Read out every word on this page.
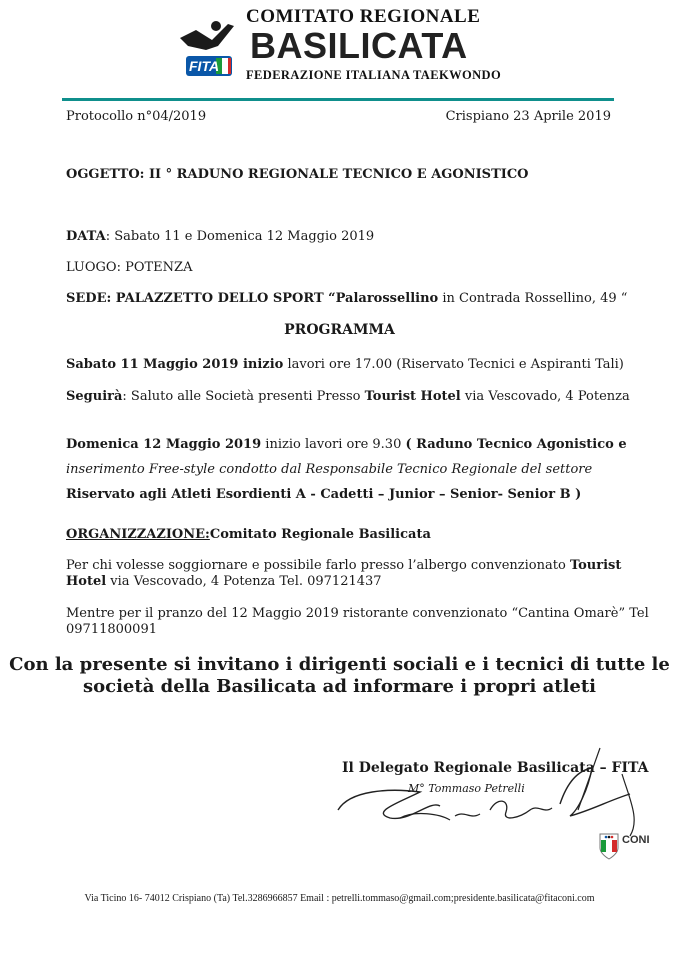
FITA
COMITATO REGIONALE
BASILICATA
FEDERAZIONE ITALIANA TAEKWONDO
Protocollo n°04/2019	Crispiano 23 Aprile 2019
OGGETTO: II ° RADUNO REGIONALE TECNICO E AGONISTICO
DATA: Sabato 11 e Domenica 12 Maggio 2019
LUOGO: POTENZA
SEDE: PALAZZETTO DELLO SPORT “Palarossellino in Contrada Rossellino, 49 “
PROGRAMMA
Sabato 11 Maggio 2019 inizio lavori ore 17.00 (Riservato Tecnici e Aspiranti Tali)
Seguirà: Saluto alle Società presenti Presso Tourist Hotel via Vescovado, 4 Potenza
Domenica 12 Maggio 2019 inizio lavori ore 9.30 ( Raduno Tecnico Agonistico e
inserimento Free-style condotto dal Responsabile Tecnico Regionale del settore
Riservato agli Atleti Esordienti A - Cadetti – Junior – Senior- Senior B )
ORGANIZZAZIONE:Comitato Regionale Basilicata
Per chi volesse soggiornare e possibile farlo presso l’albergo convenzionato Tourist
Hotel via Vescovado, 4 Potenza Tel. 097121437
Mentre per il pranzo del 12 Maggio 2019 ristorante convenzionato “Cantina Omarè” Tel
09711800091
Con la presente si invitano i dirigenti sociali e i tecnici di tutte le
società della Basilicata ad informare i propri atleti
Il Delegato Regionale Basilicata – FITA
M° Tommaso Petrelli
CONI
Via Ticino 16- 74012 Crispiano (Ta) Tel.3286966857 Email : petrelli.tommaso@gmail.com;presidente.basilicata@fitaconi.com
